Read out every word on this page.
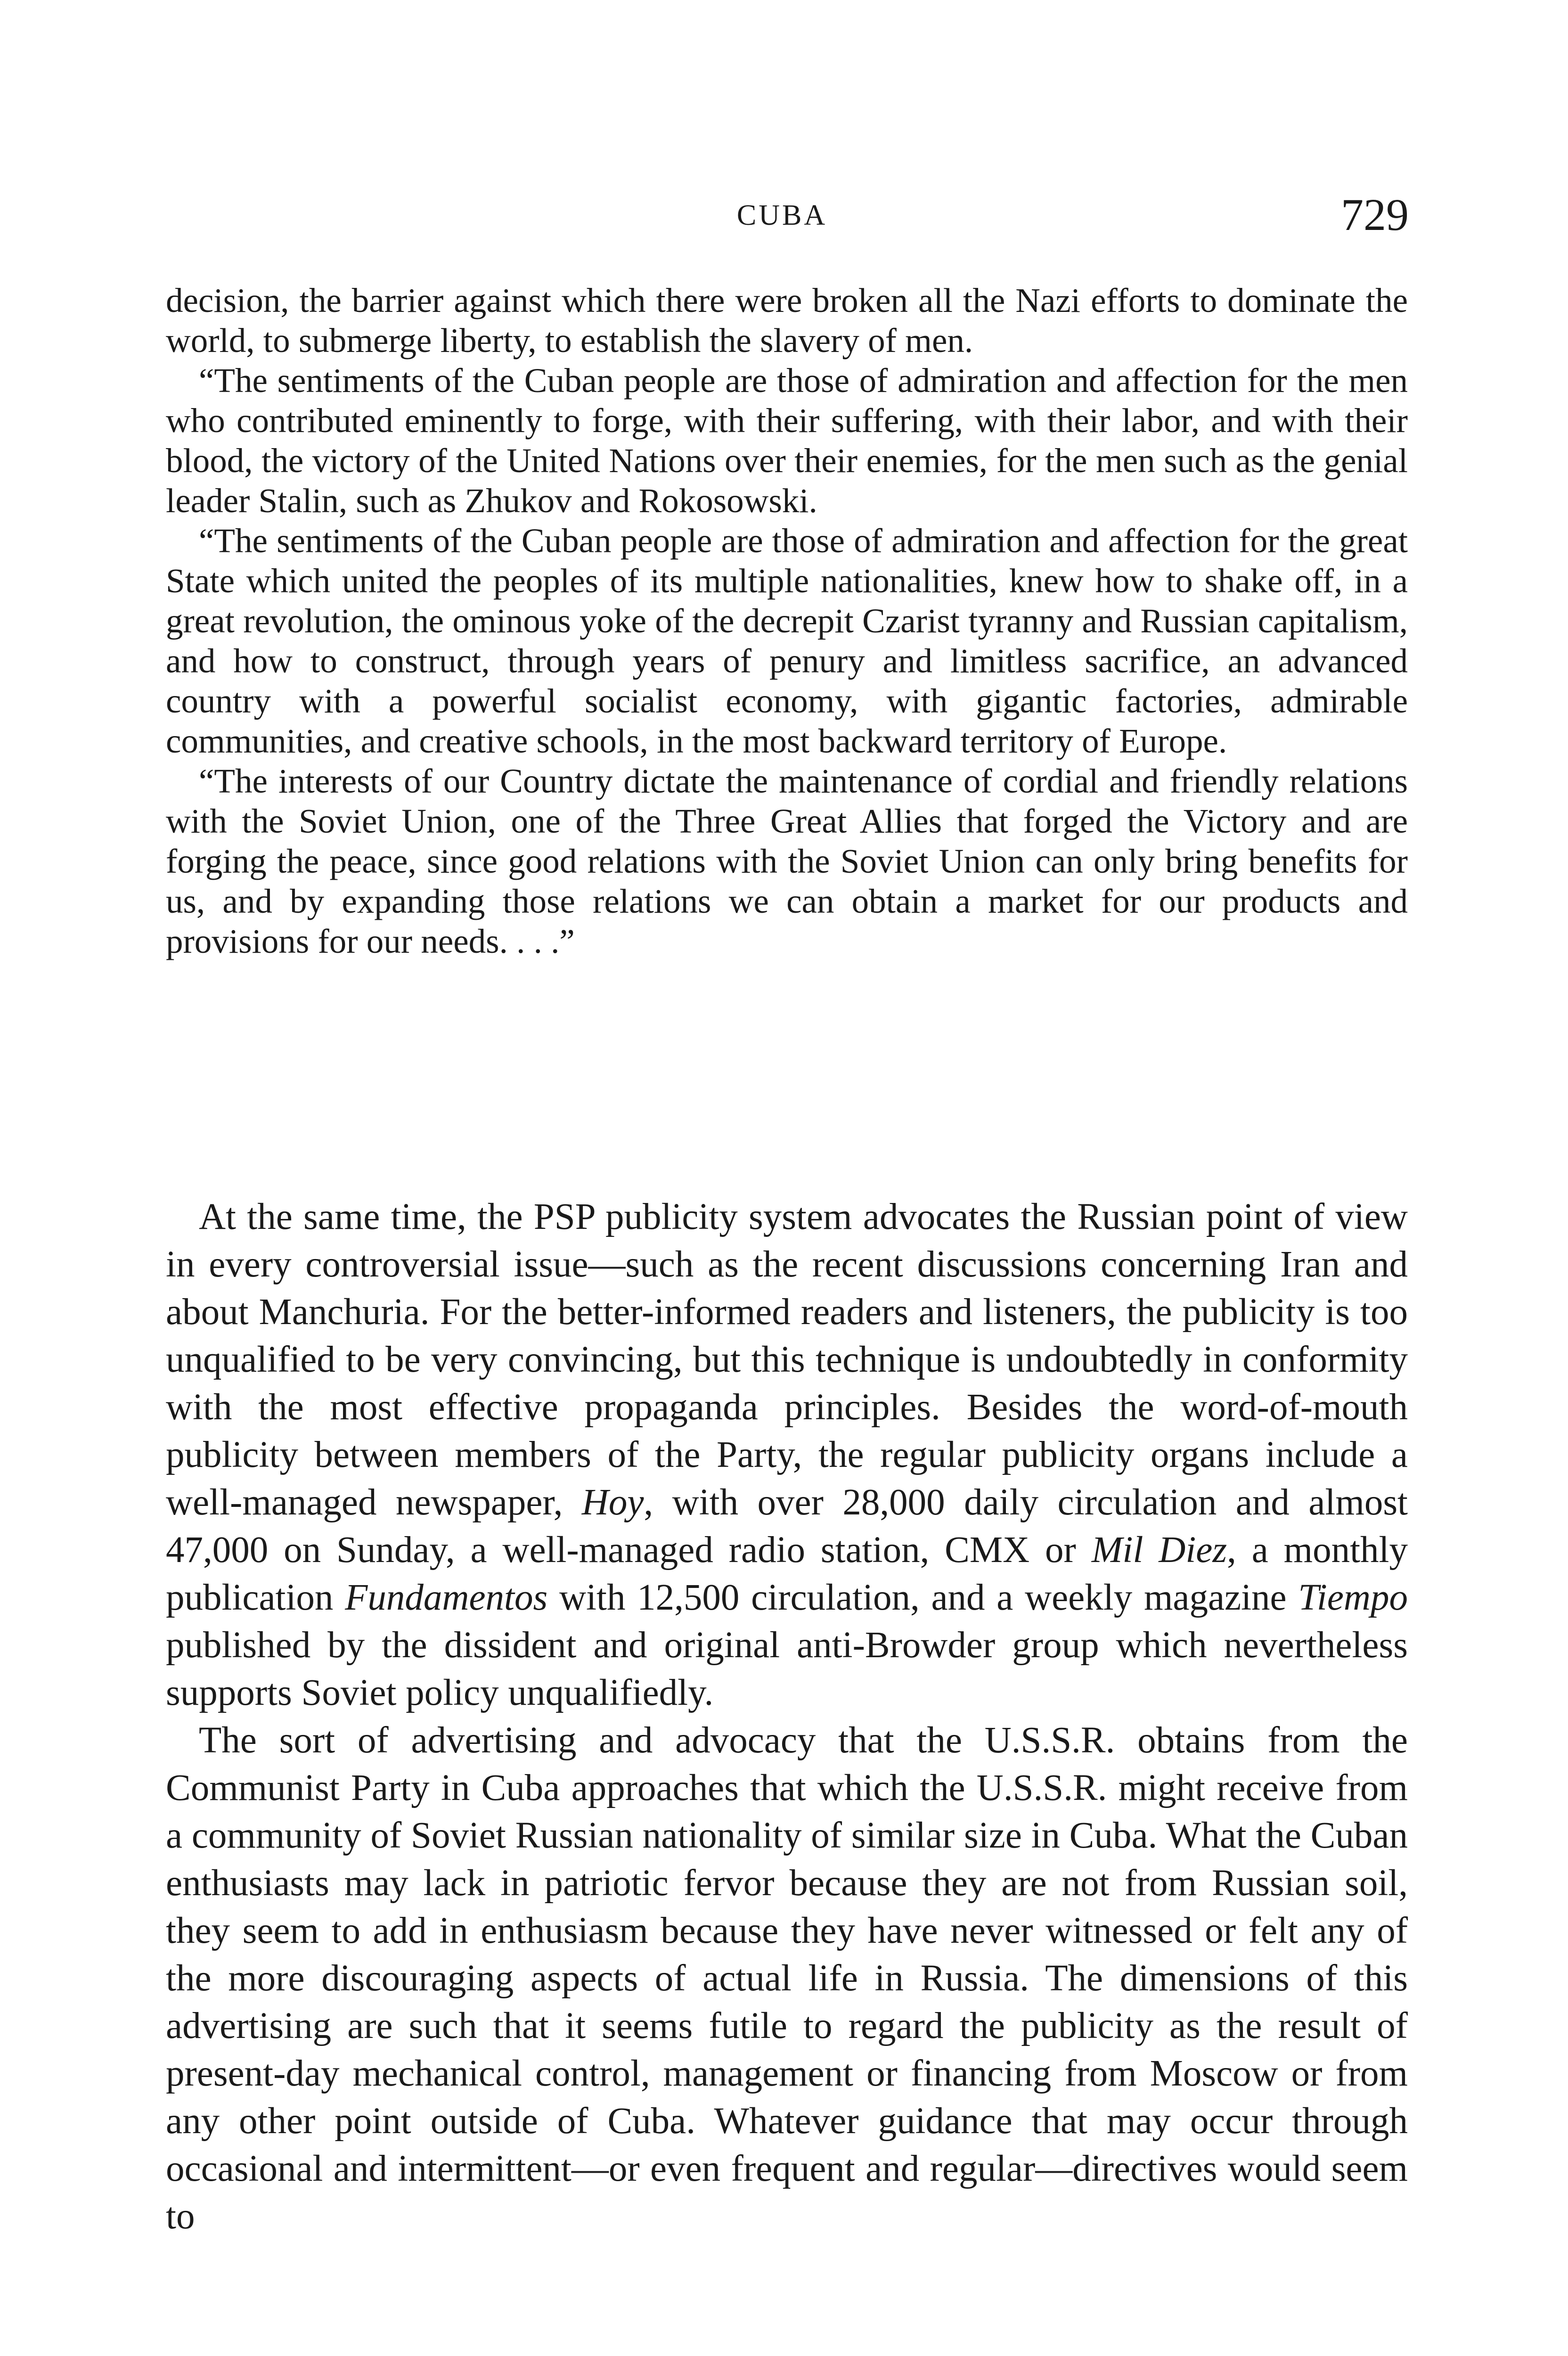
CUBA	729

decision, the barrier against which there were broken all the Nazi efforts to dominate the world, to submerge liberty, to establish the slavery of men.

“The sentiments of the Cuban people are those of admiration and affection for the men who contributed eminently to forge, with their suffering, with their labor, and with their blood, the victory of the United Nations over their enemies, for the men such as the genial leader Stalin, such as Zhukov and Rokosowski.

“The sentiments of the Cuban people are those of admiration and affection for the great State which united the peoples of its multiple nationalities, knew how to shake off, in a great revolution, the ominous yoke of the decrepit Czarist tyranny and Russian capitalism, and how to construct, through years of penury and limitless sacrifice, an advanced country with a powerful socialist economy, with gigantic factories, admirable communities, and creative schools, in the most backward territory of Europe.

“The interests of our Country dictate the maintenance of cordial and friendly relations with the Soviet Union, one of the Three Great Allies that forged the Victory and are forging the peace, since good relations with the Soviet Union can only bring benefits for us, and by expanding those relations we can obtain a market for our products and provisions for our needs. . . .”

At the same time, the PSP publicity system advocates the Russian point of view in every controversial issue—such as the recent discussions concerning Iran and about Manchuria. For the better-informed readers and listeners, the publicity is too unqualified to be very convincing, but this technique is undoubtedly in conformity with the most effective propaganda principles. Besides the word-of-mouth publicity between members of the Party, the regular publicity organs include a well-managed newspaper, Hoy, with over 28,000 daily circulation and almost 47,000 on Sunday, a well-managed radio station, CMX or Mil Diez, a monthly publication Fundamentos with 12,500 circulation, and a weekly magazine Tiempo published by the dissident and original anti-Browder group which nevertheless supports Soviet policy unqualifiedly.

The sort of advertising and advocacy that the U.S.S.R. obtains from the Communist Party in Cuba approaches that which the U.S.S.R. might receive from a community of Soviet Russian nationality of similar size in Cuba. What the Cuban enthusiasts may lack in patriotic fervor because they are not from Russian soil, they seem to add in enthusiasm because they have never witnessed or felt any of the more discouraging aspects of actual life in Russia. The dimensions of this advertising are such that it seems futile to regard the publicity as the result of present-day mechanical control, management or financing from Moscow or from any other point outside of Cuba. Whatever guidance that may occur through occasional and intermittent—or even frequent and regular—directives would seem to
